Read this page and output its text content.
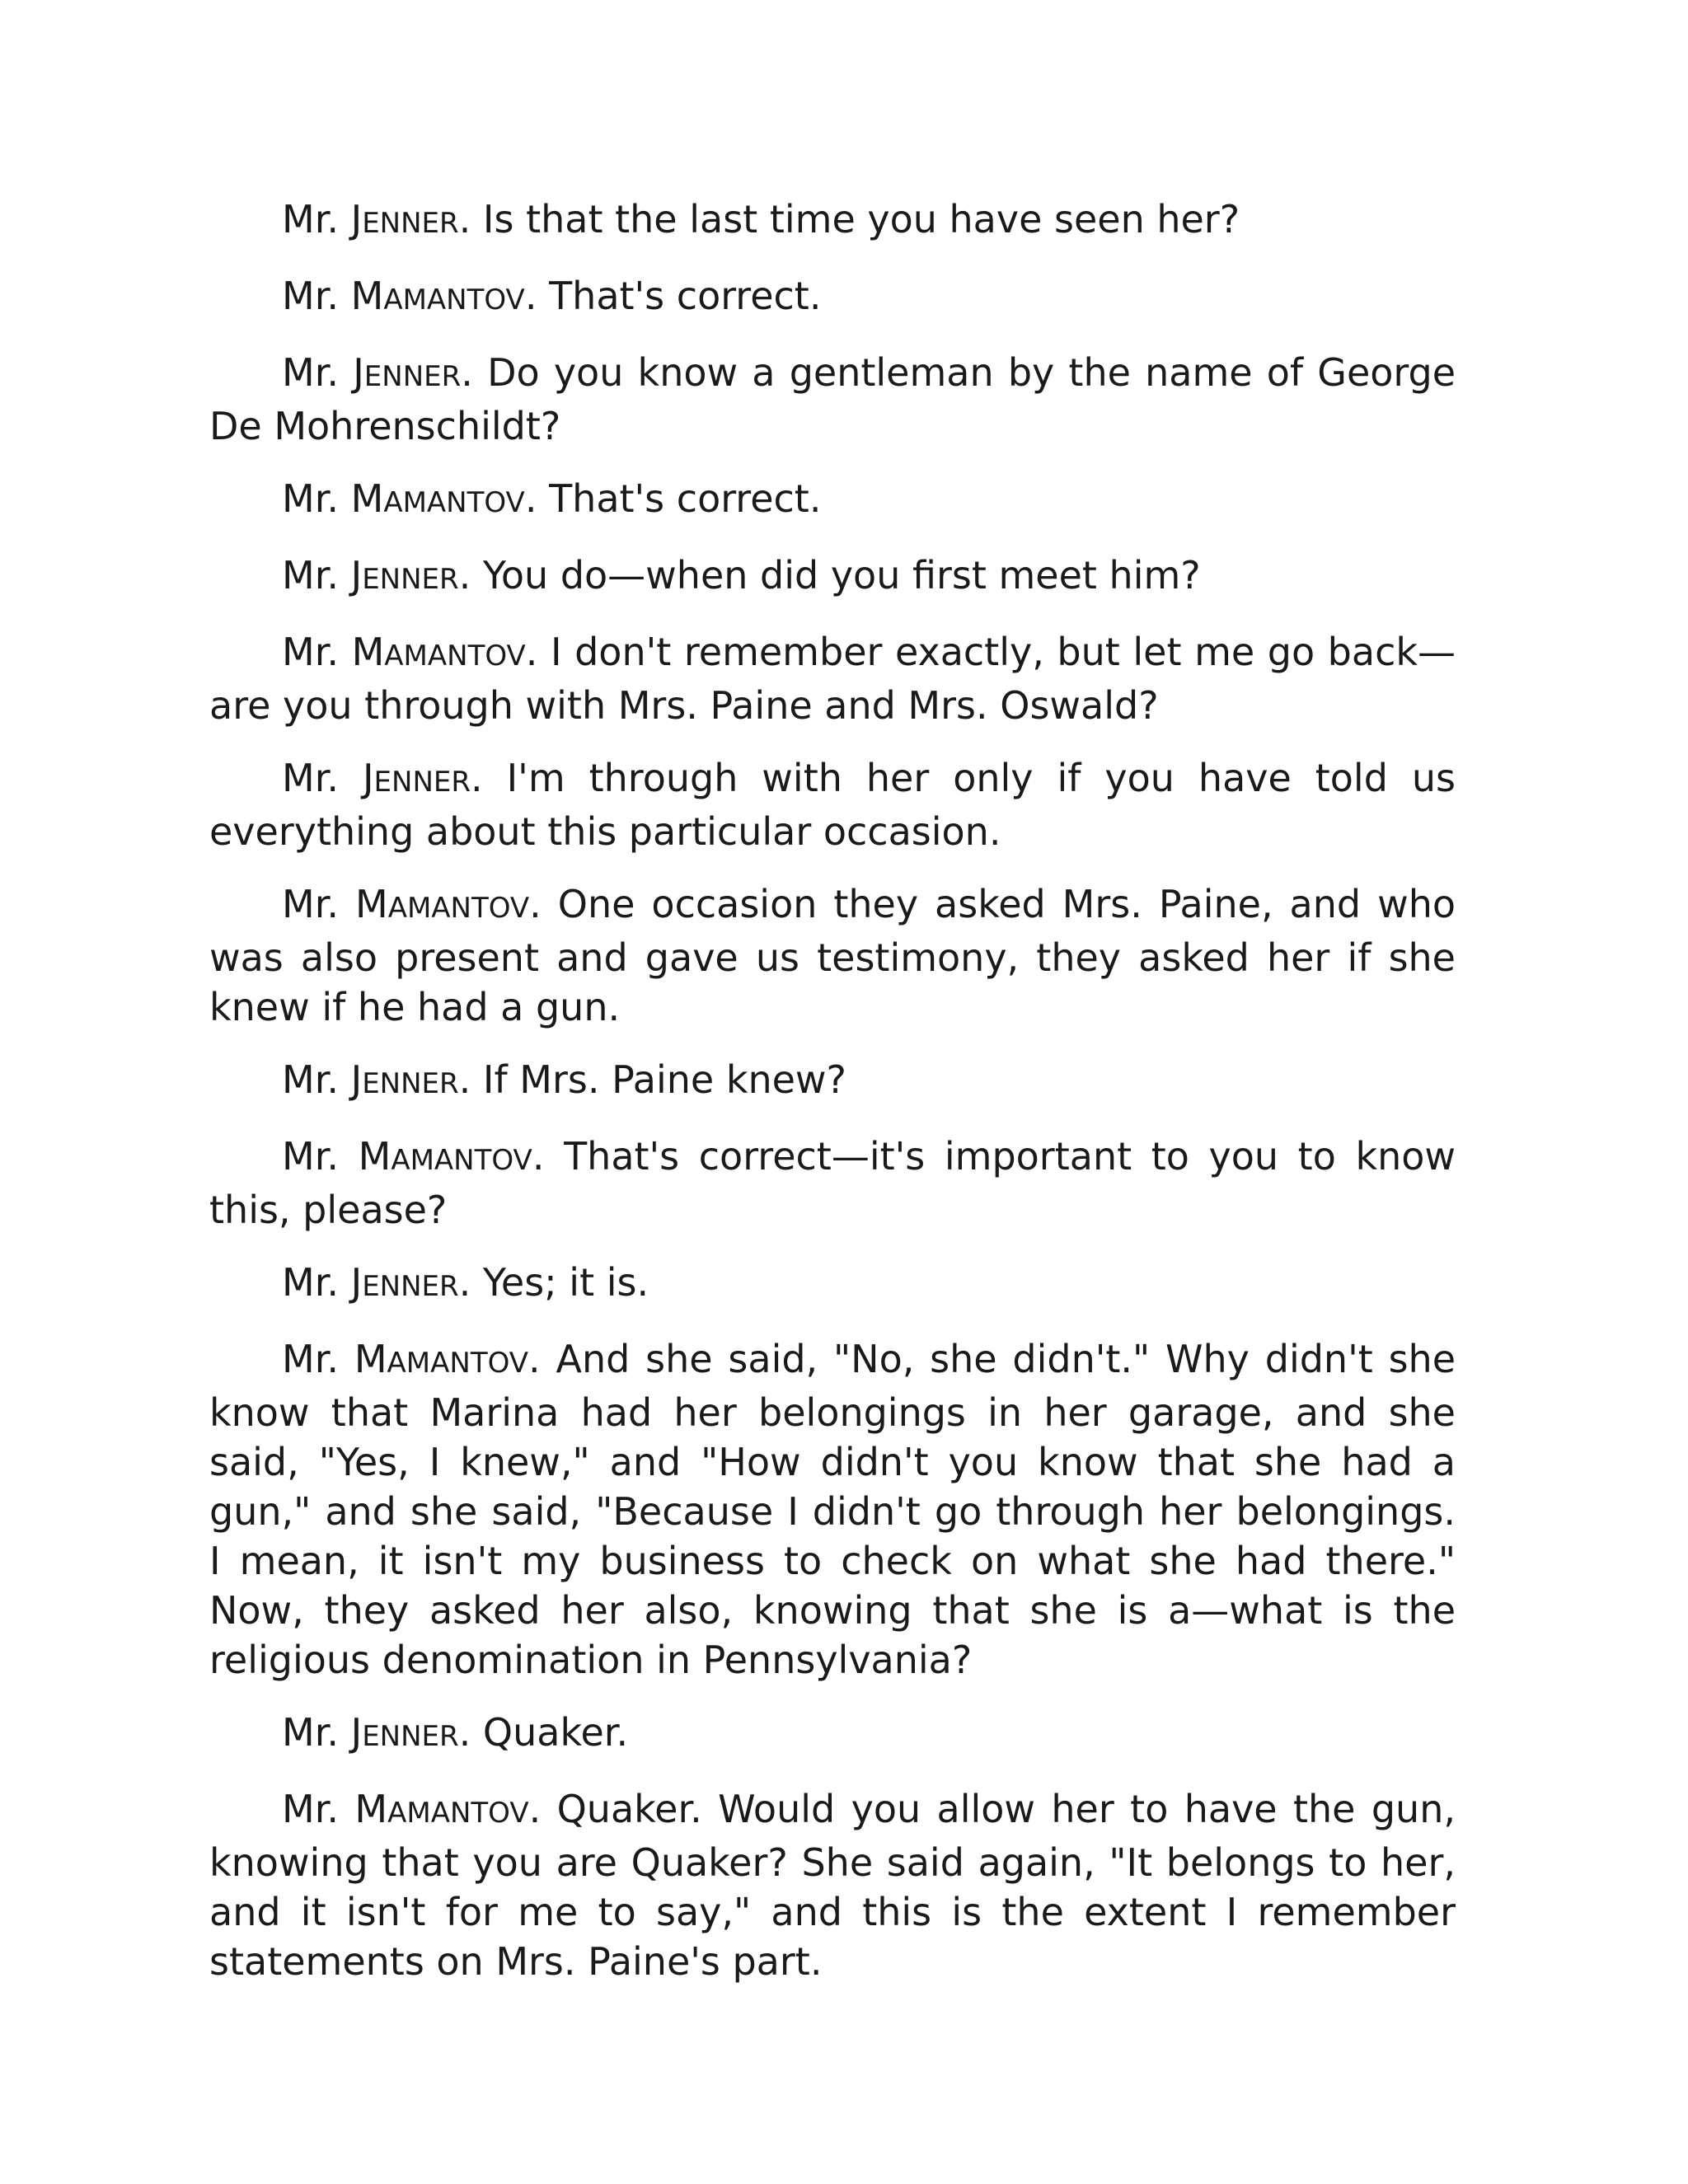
Mr. JENNER. Is that the last time you have seen her?

Mr. MAMANTOV. That's correct.

Mr. JENNER. Do you know a gentleman by the name of George De Mohrenschildt?

Mr. MAMANTOV. That's correct.

Mr. JENNER. You do—when did you first meet him?

Mr. MAMANTOV. I don't remember exactly, but let me go back—are you through with Mrs. Paine and Mrs. Oswald?

Mr. JENNER. I'm through with her only if you have told us everything about this particular occasion.

Mr. MAMANTOV. One occasion they asked Mrs. Paine, and who was also present and gave us testimony, they asked her if she knew if he had a gun.

Mr. JENNER. If Mrs. Paine knew?

Mr. MAMANTOV. That's correct—it's important to you to know this, please?

Mr. JENNER. Yes; it is.

Mr. MAMANTOV. And she said, "No, she didn't." Why didn't she know that Marina had her belongings in her garage, and she said, "Yes, I knew," and "How didn't you know that she had a gun," and she said, "Because I didn't go through her belongings. I mean, it isn't my business to check on what she had there." Now, they asked her also, knowing that she is a—what is the religious denomination in Pennsylvania?

Mr. JENNER. Quaker.

Mr. MAMANTOV. Quaker. Would you allow her to have the gun, knowing that you are Quaker? She said again, "It belongs to her, and it isn't for me to say," and this is the extent I remember statements on Mrs. Paine's part.
